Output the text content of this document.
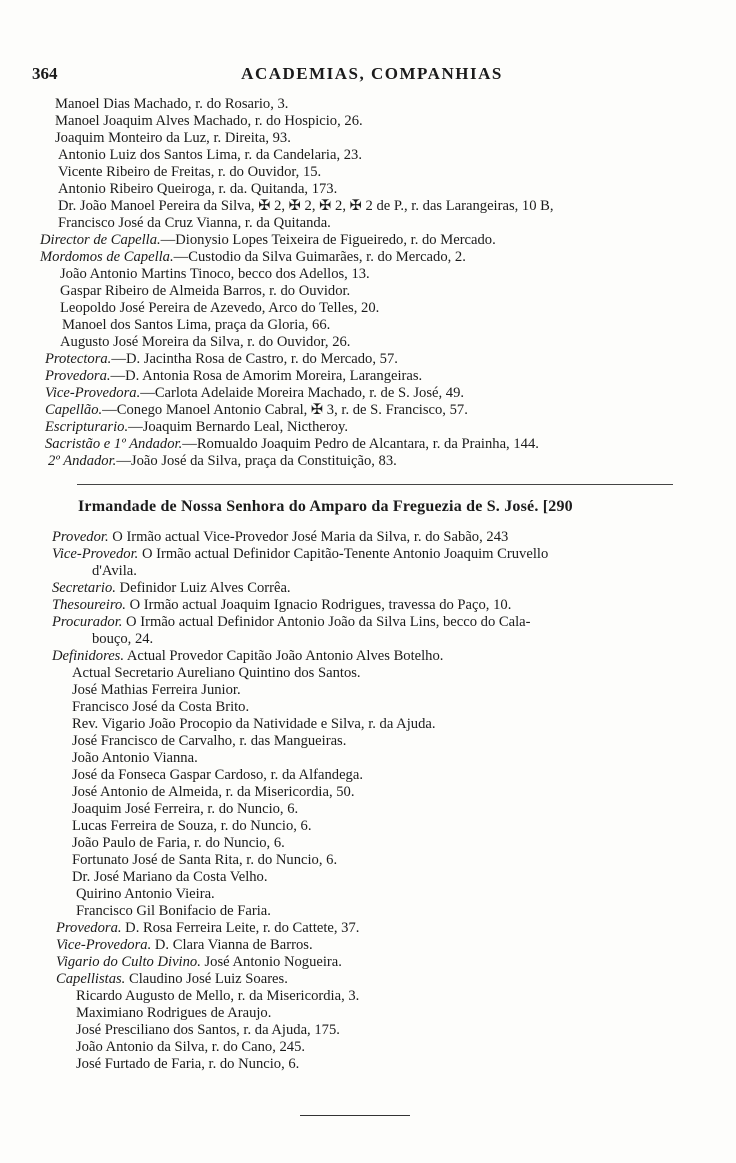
364	ACADEMIAS, COMPANHIAS
Manoel Dias Machado, r. do Rosario, 3.
Manoel Joaquim Alves Machado, r. do Hospicio, 26.
Joaquim Monteiro da Luz, r. Direita, 93.
Antonio Luiz dos Santos Lima, r. da Candelaria, 23.
Vicente Ribeiro de Freitas, r. do Ouvidor, 15.
Antonio Ribeiro Queiroga, r. da. Quitanda, 173.
Dr. João Manoel Pereira da Silva, ✠ 2, ✠ 2, ✠ 2, ✠ 2 de P., r. das Larangeiras, 10 B,
Francisco José da Cruz Vianna, r. da Quitanda.
Director de Capella.—Dionysio Lopes Teixeira de Figueiredo, r. do Mercado.
Mordomos de Capella.—Custodio da Silva Guimarães, r. do Mercado, 2.
João Antonio Martins Tinoco, becco dos Adellos, 13.
Gaspar Ribeiro de Almeida Barros, r. do Ouvidor.
Leopoldo José Pereira de Azevedo, Arco do Telles, 20.
Manoel dos Santos Lima, praça da Gloria, 66.
Augusto José Moreira da Silva, r. do Ouvidor, 26.
Protectora.—D. Jacintha Rosa de Castro, r. do Mercado, 57.
Provedora.—D. Antonia Rosa de Amorim Moreira, Larangeiras.
Vice-Provedora.—Carlota Adelaide Moreira Machado, r. de S. José, 49.
Capellão.—Conego Manoel Antonio Cabral, ✠ 3, r. de S. Francisco, 57.
Escripturario.—Joaquim Bernardo Leal, Nictheroy.
Sacristão e 1º Andador.—Romualdo Joaquim Pedro de Alcantara, r. da Prainha, 144.
2º Andador.—João José da Silva, praça da Constituição, 83.
Irmandade de Nossa Senhora do Amparo da Freguezia de S. José. [290
Provedor. O Irmão actual Vice-Provedor José Maria da Silva, r. do Sabão, 243
Vice-Provedor. O Irmão actual Definidor Capitão-Tenente Antonio Joaquim Cruvello
d'Avila.
Secretario. Definidor Luiz Alves Corrêa.
Thesoureiro. O Irmão actual Joaquim Ignacio Rodrigues, travessa do Paço, 10.
Procurador. O Irmão actual Definidor Antonio João da Silva Lins, becco do Cala-
bouço, 24.
Definidores. Actual Provedor Capitão João Antonio Alves Botelho.
Actual Secretario Aureliano Quintino dos Santos.
José Mathias Ferreira Junior.
Francisco José da Costa Brito.
Rev. Vigario João Procopio da Natividade e Silva, r. da Ajuda.
José Francisco de Carvalho, r. das Mangueiras.
João Antonio Vianna.
José da Fonseca Gaspar Cardoso, r. da Alfandega.
José Antonio de Almeida, r. da Misericordia, 50.
Joaquim José Ferreira, r. do Nuncio, 6.
Lucas Ferreira de Souza, r. do Nuncio, 6.
João Paulo de Faria, r. do Nuncio, 6.
Fortunato José de Santa Rita, r. do Nuncio, 6.
Dr. José Mariano da Costa Velho.
Quirino Antonio Vieira.
Francisco Gil Bonifacio de Faria.
Provedora. D. Rosa Ferreira Leite, r. do Cattete, 37.
Vice-Provedora. D. Clara Vianna de Barros.
Vigario do Culto Divino. José Antonio Nogueira.
Capellistas. Claudino José Luiz Soares.
Ricardo Augusto de Mello, r. da Misericordia, 3.
Maximiano Rodrigues de Araujo.
José Presciliano dos Santos, r. da Ajuda, 175.
João Antonio da Silva, r. do Cano, 245.
José Furtado de Faria, r. do Nuncio, 6.
